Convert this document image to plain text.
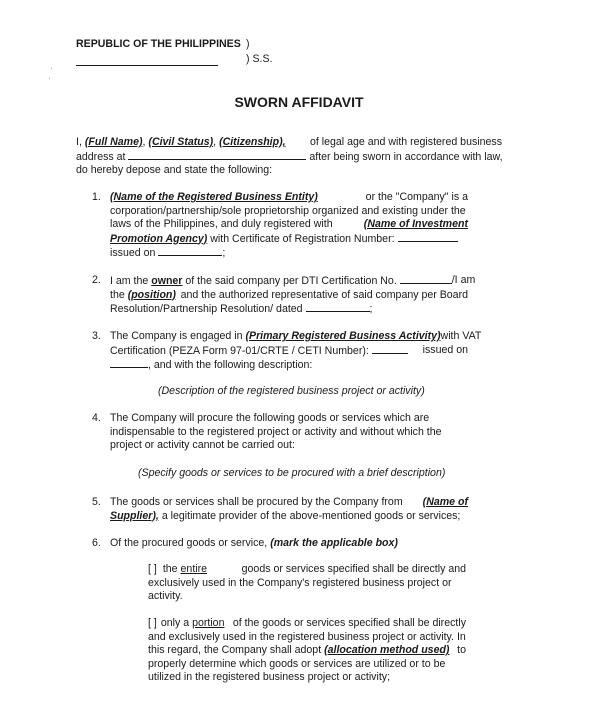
·
·
REPUBLIC OF THE PHILIPPINES )
) S.S.
SWORN AFFIDAVIT
I, (Full Name), (Civil Status), (Citizenship), of legal age and with registered business
address at	after being sworn in accordance with law,
do hereby depose and state the following:
1. (Name of the Registered Business Entity)	or the "Company" is a
corporation/partnership/sole proprietorship organized and existing under the
laws of the Philippines, and duly registered with	(Name of Investment
Promotion Agency) with Certificate of Registration Number:
issued on	;
2. I am the owner of the said company per DTI Certification No.	/I am
the (position) and the authorized representative of said company per Board
Resolution/Partnership Resolution/ dated	;
3. The Company is engaged in (Primary Registered Business Activity) with VAT
Certification (PEZA Form 97-01/CRTE / CETI Number):	issued on
, and with the following description:
(Description of the registered business project or activity)
4. The Company will procure the following goods or services which are
indispensable to the registered project or activity and without which the
project or activity cannot be carried out:
(Specify goods or services to be procured with a brief description)
5. The goods or services shall be procured by the Company from (Name of
Supplier), a legitimate provider of the above-mentioned goods or services;
6. Of the procured goods or service, (mark the applicable box)
[ ] the entire	goods or services specified shall be directly and
exclusively used in the Company's registered business project or
activity.
[ ] only a portion of the goods or services specified shall be directly
and exclusively used in the registered business project or activity. In
this regard, the Company shall adopt (allocation method used) to
properly determine which goods or services are utilized or to be
utilized in the registered business project or activity;
